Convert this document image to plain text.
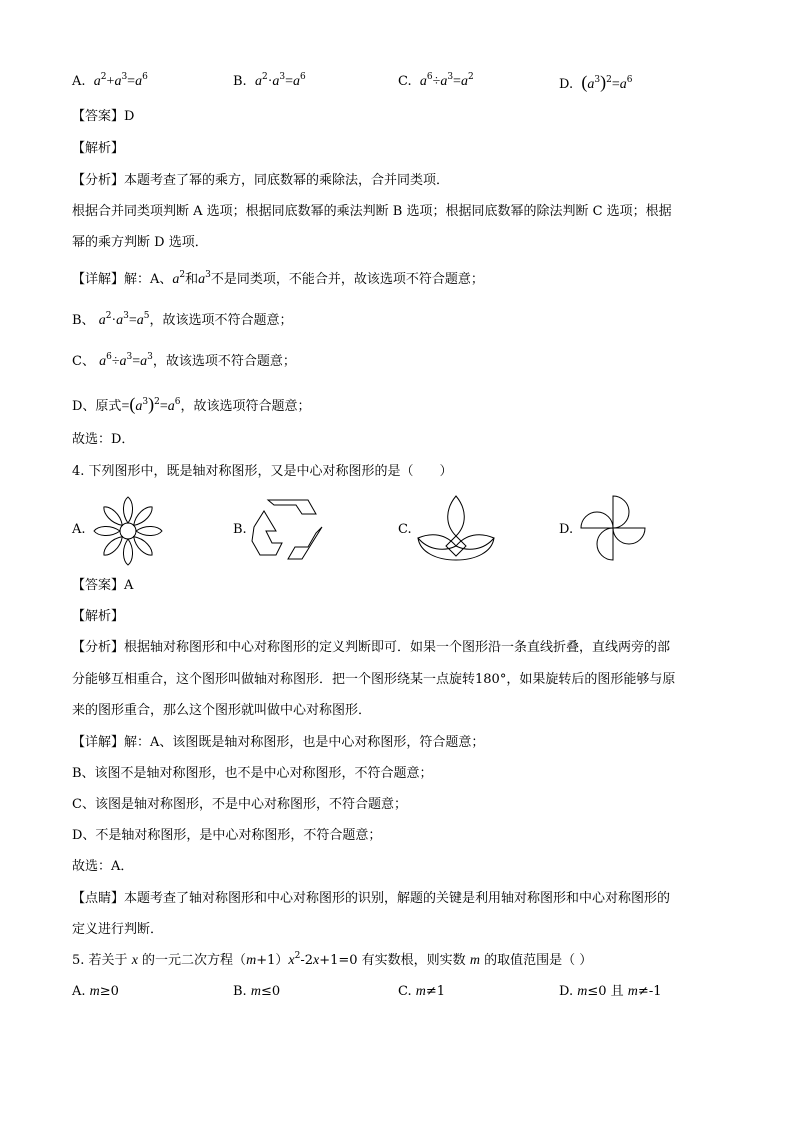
A. $a^2+a^3=a^6$	B. $a^2\cdot a^3=a^6$	C. $a^6\div a^3=a^2$	D. $(a^3)^2=a^6$
【答案】D
【解析】
【分析】本题考查了幂的乘方，同底数幂的乘除法，合并同类项．
根据合并同类项判断 A 选项；根据同底数幂的乘法判断 B 选项；根据同底数幂的除法判断 C 选项；根据
幂的乘方判断 D 选项．
【详解】解：A、$a^2$和$a^3$不是同类项，不能合并，故该选项不符合题意；
B、 $a^2\cdot a^3=a^5$，故该选项不符合题意；
C、 $a^6\div a^3=a^3$，故该选项不符合题意；
D、原式$=(a^3)^2=a^6$，故该选项符合题意；
故选：D．
4. 下列图形中，既是轴对称图形，又是中心对称图形的是（　　）
A.	B.	C.	D.
【答案】A
【解析】
【分析】根据轴对称图形和中心对称图形的定义判断即可．如果一个图形沿一条直线折叠，直线两旁的部
分能够互相重合，这个图形叫做轴对称图形．把一个图形绕某一点旋转180°，如果旋转后的图形能够与原
来的图形重合，那么这个图形就叫做中心对称图形．
【详解】解：A、该图既是轴对称图形，也是中心对称图形，符合题意；
B、该图不是轴对称图形，也不是中心对称图形，不符合题意；
C、该图是轴对称图形，不是中心对称图形，不符合题意；
D、不是轴对称图形，是中心对称图形，不符合题意；
故选：A．
【点睛】本题考查了轴对称图形和中心对称图形的识别，解题的关键是利用轴对称图形和中心对称图形的
定义进行判断．
5. 若关于 x 的一元二次方程$(m+1)x^2-2x+1=0$ 有实数根，则实数 m 的取值范围是（ ）
A. m≥0	B. m≤0	C. m≠1	D. m≤0 且 m≠-1
